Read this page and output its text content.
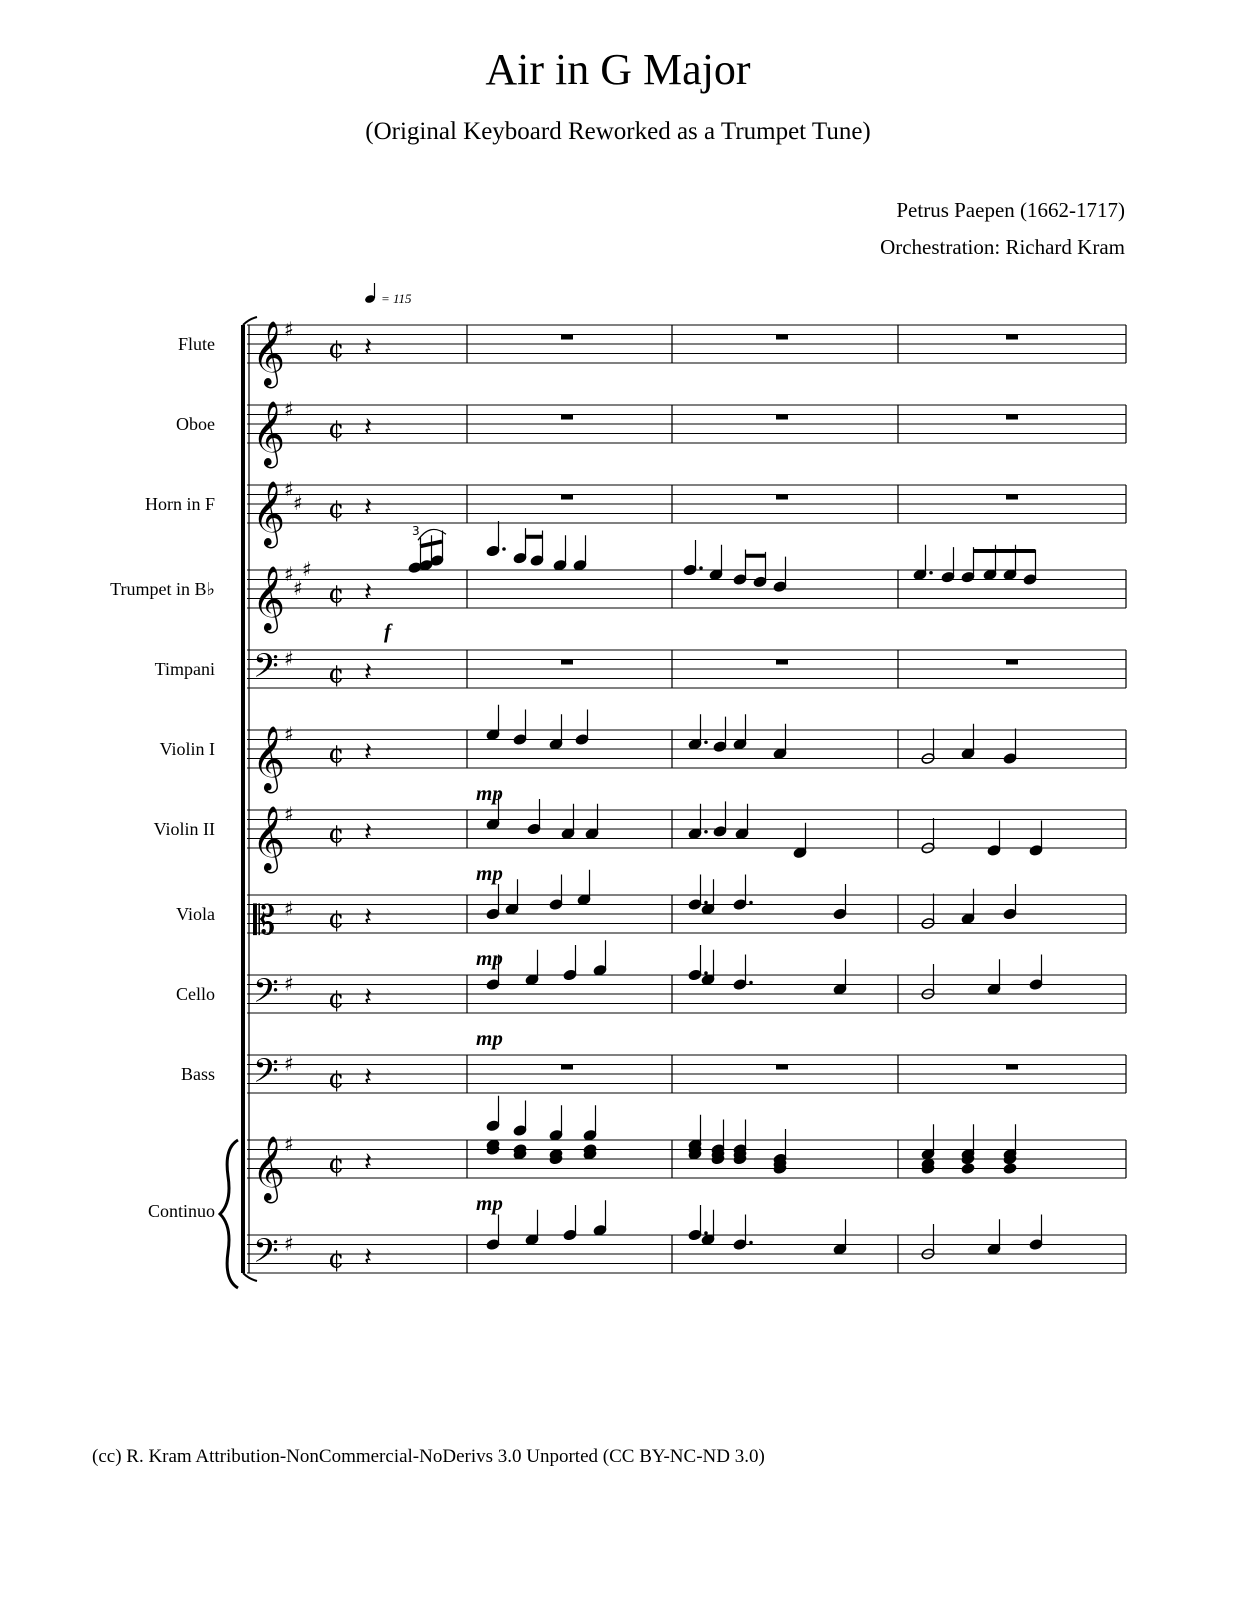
Air in G Major
(Original Keyboard Reworked as a Trumpet Tune)
Petrus Paepen (1662-1717)
Orchestration: Richard Kram
= 115
𝄞
♯
¢ 𝄽
Flute
𝄞
♯
¢ 𝄽
Oboe
𝄞
♯
♯ ¢ 𝄽
Horn in F
𝄞
♯
♯
♯
¢ 𝄽
Trumpet in B♭
𝄢 ♯
¢ 𝄽
Timpani
𝄞
♯
¢ 𝄽
Violin I
𝄞
♯
¢ 𝄽
Violin II
𝄡 ♯ ¢ 𝄽
Viola
𝄢 ♯
¢ 𝄽
Cello
𝄢 ♯
¢ 𝄽
Bass
𝄞
♯
¢ 𝄽
Continuo
𝄢 ♯
¢ 𝄽
3
f
mp
mp
mp
mp
mp
(cc) R. Kram Attribution-NonCommercial-NoDerivs 3.0 Unported (CC BY-NC-ND 3.0)
